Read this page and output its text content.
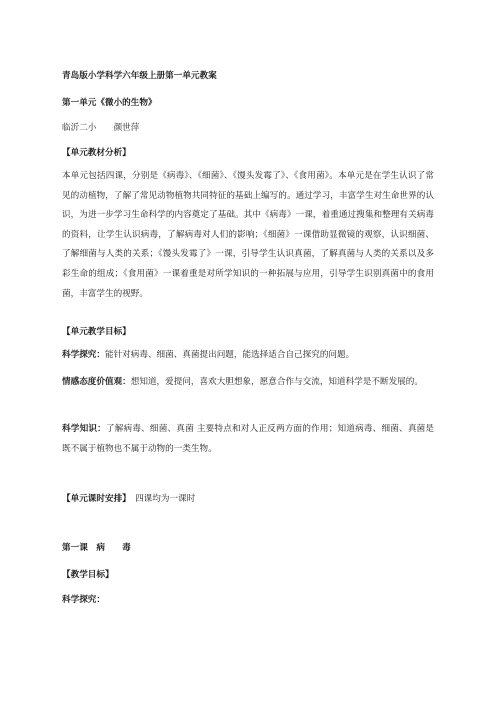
青岛版小学科学六年级上册第一单元教案
第一单元《微小的生物》
临沂二小　　颜世萍
【单元教材分析】
本单元包括四课，分别是《病毒》、《细菌》、《馒头发霉了》、《食用菌》。本单元是在学生认识了常见的动植物，了解了常见动物植物共同特征的基础上编写的。通过学习，丰富学生对生命世界的认识，为进一步学习生命科学的内容奠定了基础。其中《病毒》一课，着重通过搜集和整理有关病毒的资料，让学生认识病毒，了解病毒对人们的影响；《细菌》一课借助显微镜的观察，认识细菌、了解细菌与人类的关系；《馒头发霉了》一课，引导学生认识真菌，了解真菌与人类的关系以及多彩生命的组成；《食用菌》一课着重是对所学知识的一种拓展与应用，引导学生识别真菌中的食用菌，丰富学生的视野。
【单元教学目标】
科学探究：能针对病毒、细菌、真菌提出问题，能选择适合自己探究的问题。
情感态度价值观：想知道，爱提问，喜欢大胆想象，愿意合作与交流，知道科学是不断发展的。
科学知识：了解病毒、细菌、真菌 主要特点和对人正反两方面的作用；知道病毒、细菌、真菌是既不属于植物也不属于动物的一类生物。
【单元课时安排】　 四课均为一课时
第一课　病　　毒
【教学目标】
科学探究：
